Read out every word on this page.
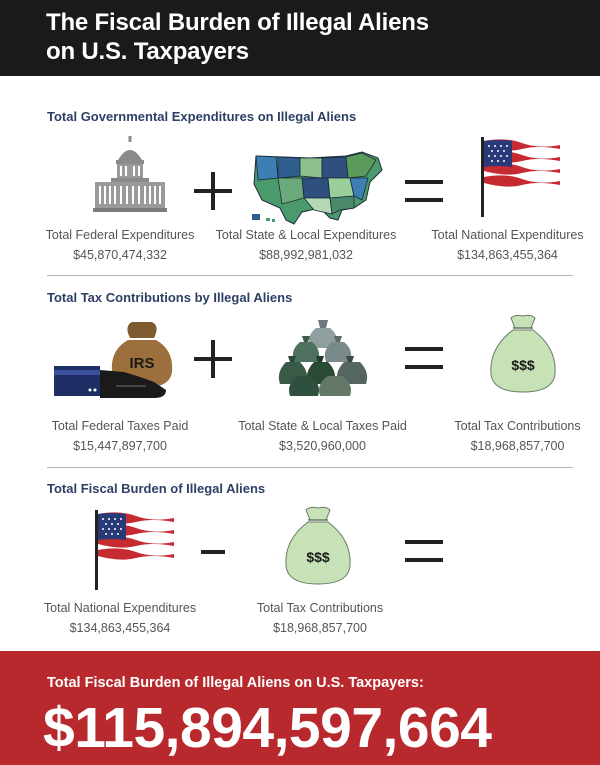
The Fiscal Burden of Illegal Aliens
on U.S. Taxpayers
Total Governmental Expenditures on Illegal Aliens
Total Federal Expenditures
$45,870,474,332
Total State & Local Expenditures
$88,992,981,032
Total National Expenditures
$134,863,455,364
Total Tax Contributions by Illegal Aliens
IRS	$$$
Total Federal Taxes Paid
$15,447,897,700
Total State & Local Taxes Paid
$3,520,960,000
Total Tax Contributions
$18,968,857,700
Total Fiscal Burden of Illegal Aliens
$$$
Total National Expenditures
$134,863,455,364
Total Tax Contributions
$18,968,857,700
Total Fiscal Burden of Illegal Aliens on U.S. Taxpayers:
$115,894,597,664
